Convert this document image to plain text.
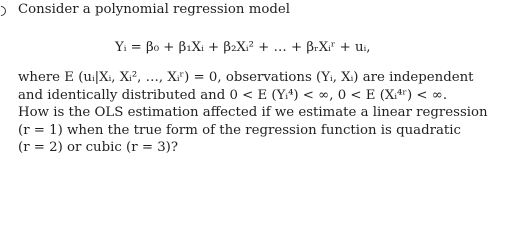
Consider a polynomial regression model
Yᵢ = β₀ + β₁Xᵢ + β₂Xᵢ² + … + βᵣXᵢʳ + uᵢ,
where E (uᵢ|Xᵢ, Xᵢ², …, Xᵢʳ) = 0, observations (Yᵢ, Xᵢ) are independent
and identically distributed and 0 < E (Yᵢ⁴) < ∞, 0 < E (Xᵢ⁴ʳ) < ∞.
How is the OLS estimation affected if we estimate a linear regression
(r = 1) when the true form of the regression function is quadratic
(r = 2) or cubic (r = 3)?
